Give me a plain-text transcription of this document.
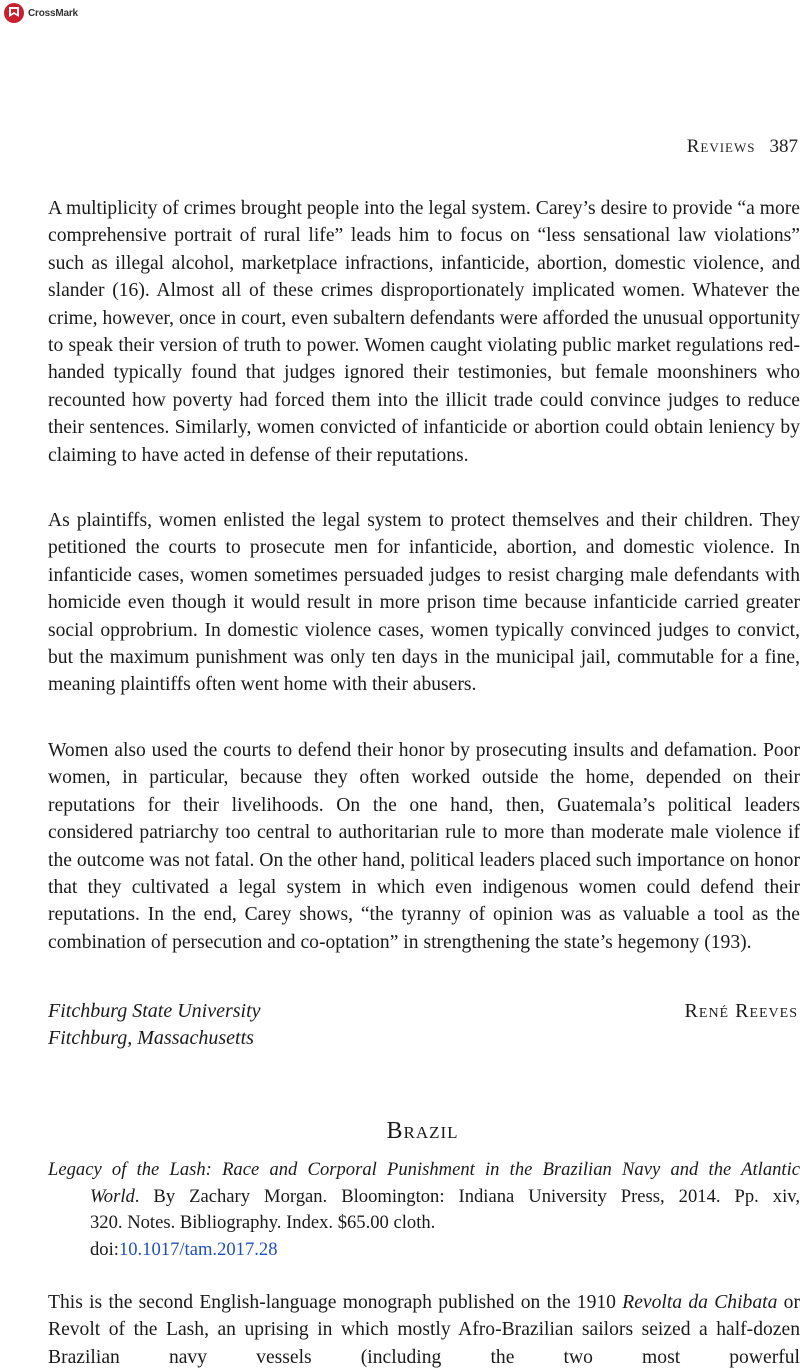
CrossMark
Reviews 387

A multiplicity of crimes brought people into the legal system. Carey’s desire to provide “a more comprehensive portrait of rural life” leads him to focus on “less sensational law violations” such as illegal alcohol, marketplace infractions, infanticide, abortion, domestic violence, and slander (16). Almost all of these crimes disproportionately implicated women. Whatever the crime, however, once in court, even subaltern defendants were afforded the unusual opportunity to speak their version of truth to power. Women caught violating public market regulations red-handed typically found that judges ignored their testimonies, but female moonshiners who recounted how poverty had forced them into the illicit trade could convince judges to reduce their sentences. Similarly, women convicted of infanticide or abortion could obtain leniency by claiming to have acted in defense of their reputations.

As plaintiffs, women enlisted the legal system to protect themselves and their children. They petitioned the courts to prosecute men for infanticide, abortion, and domestic violence. In infanticide cases, women sometimes persuaded judges to resist charging male defendants with homicide even though it would result in more prison time because infanticide carried greater social opprobrium. In domestic violence cases, women typically convinced judges to convict, but the maximum punishment was only ten days in the municipal jail, commutable for a fine, meaning plaintiffs often went home with their abusers.

Women also used the courts to defend their honor by prosecuting insults and defamation. Poor women, in particular, because they often worked outside the home, depended on their reputations for their livelihoods. On the one hand, then, Guatemala’s political leaders considered patriarchy too central to authoritarian rule to more than moderate male violence if the outcome was not fatal. On the other hand, political leaders placed such importance on honor that they cultivated a legal system in which even indigenous women could defend their reputations. In the end, Carey shows, “the tyranny of opinion was as valuable a tool as the combination of persecution and co-optation” in strengthening the state’s hegemony (193).

Fitchburg State University
Fitchburg, Massachusetts
René Reeves
Brazil
Legacy of the Lash: Race and Corporal Punishment in the Brazilian Navy and the Atlantic
World. By Zachary Morgan. Bloomington: Indiana University Press, 2014. Pp. xiv,
320. Notes. Bibliography. Index. $65.00 cloth.
doi:10.1017/tam.2017.28

This is the second English-language monograph published on the 1910 Revolta da Chibata or Revolt of the Lash, an uprising in which mostly Afro-Brazilian sailors seized a half-dozen Brazilian navy vessels (including the two most powerful
